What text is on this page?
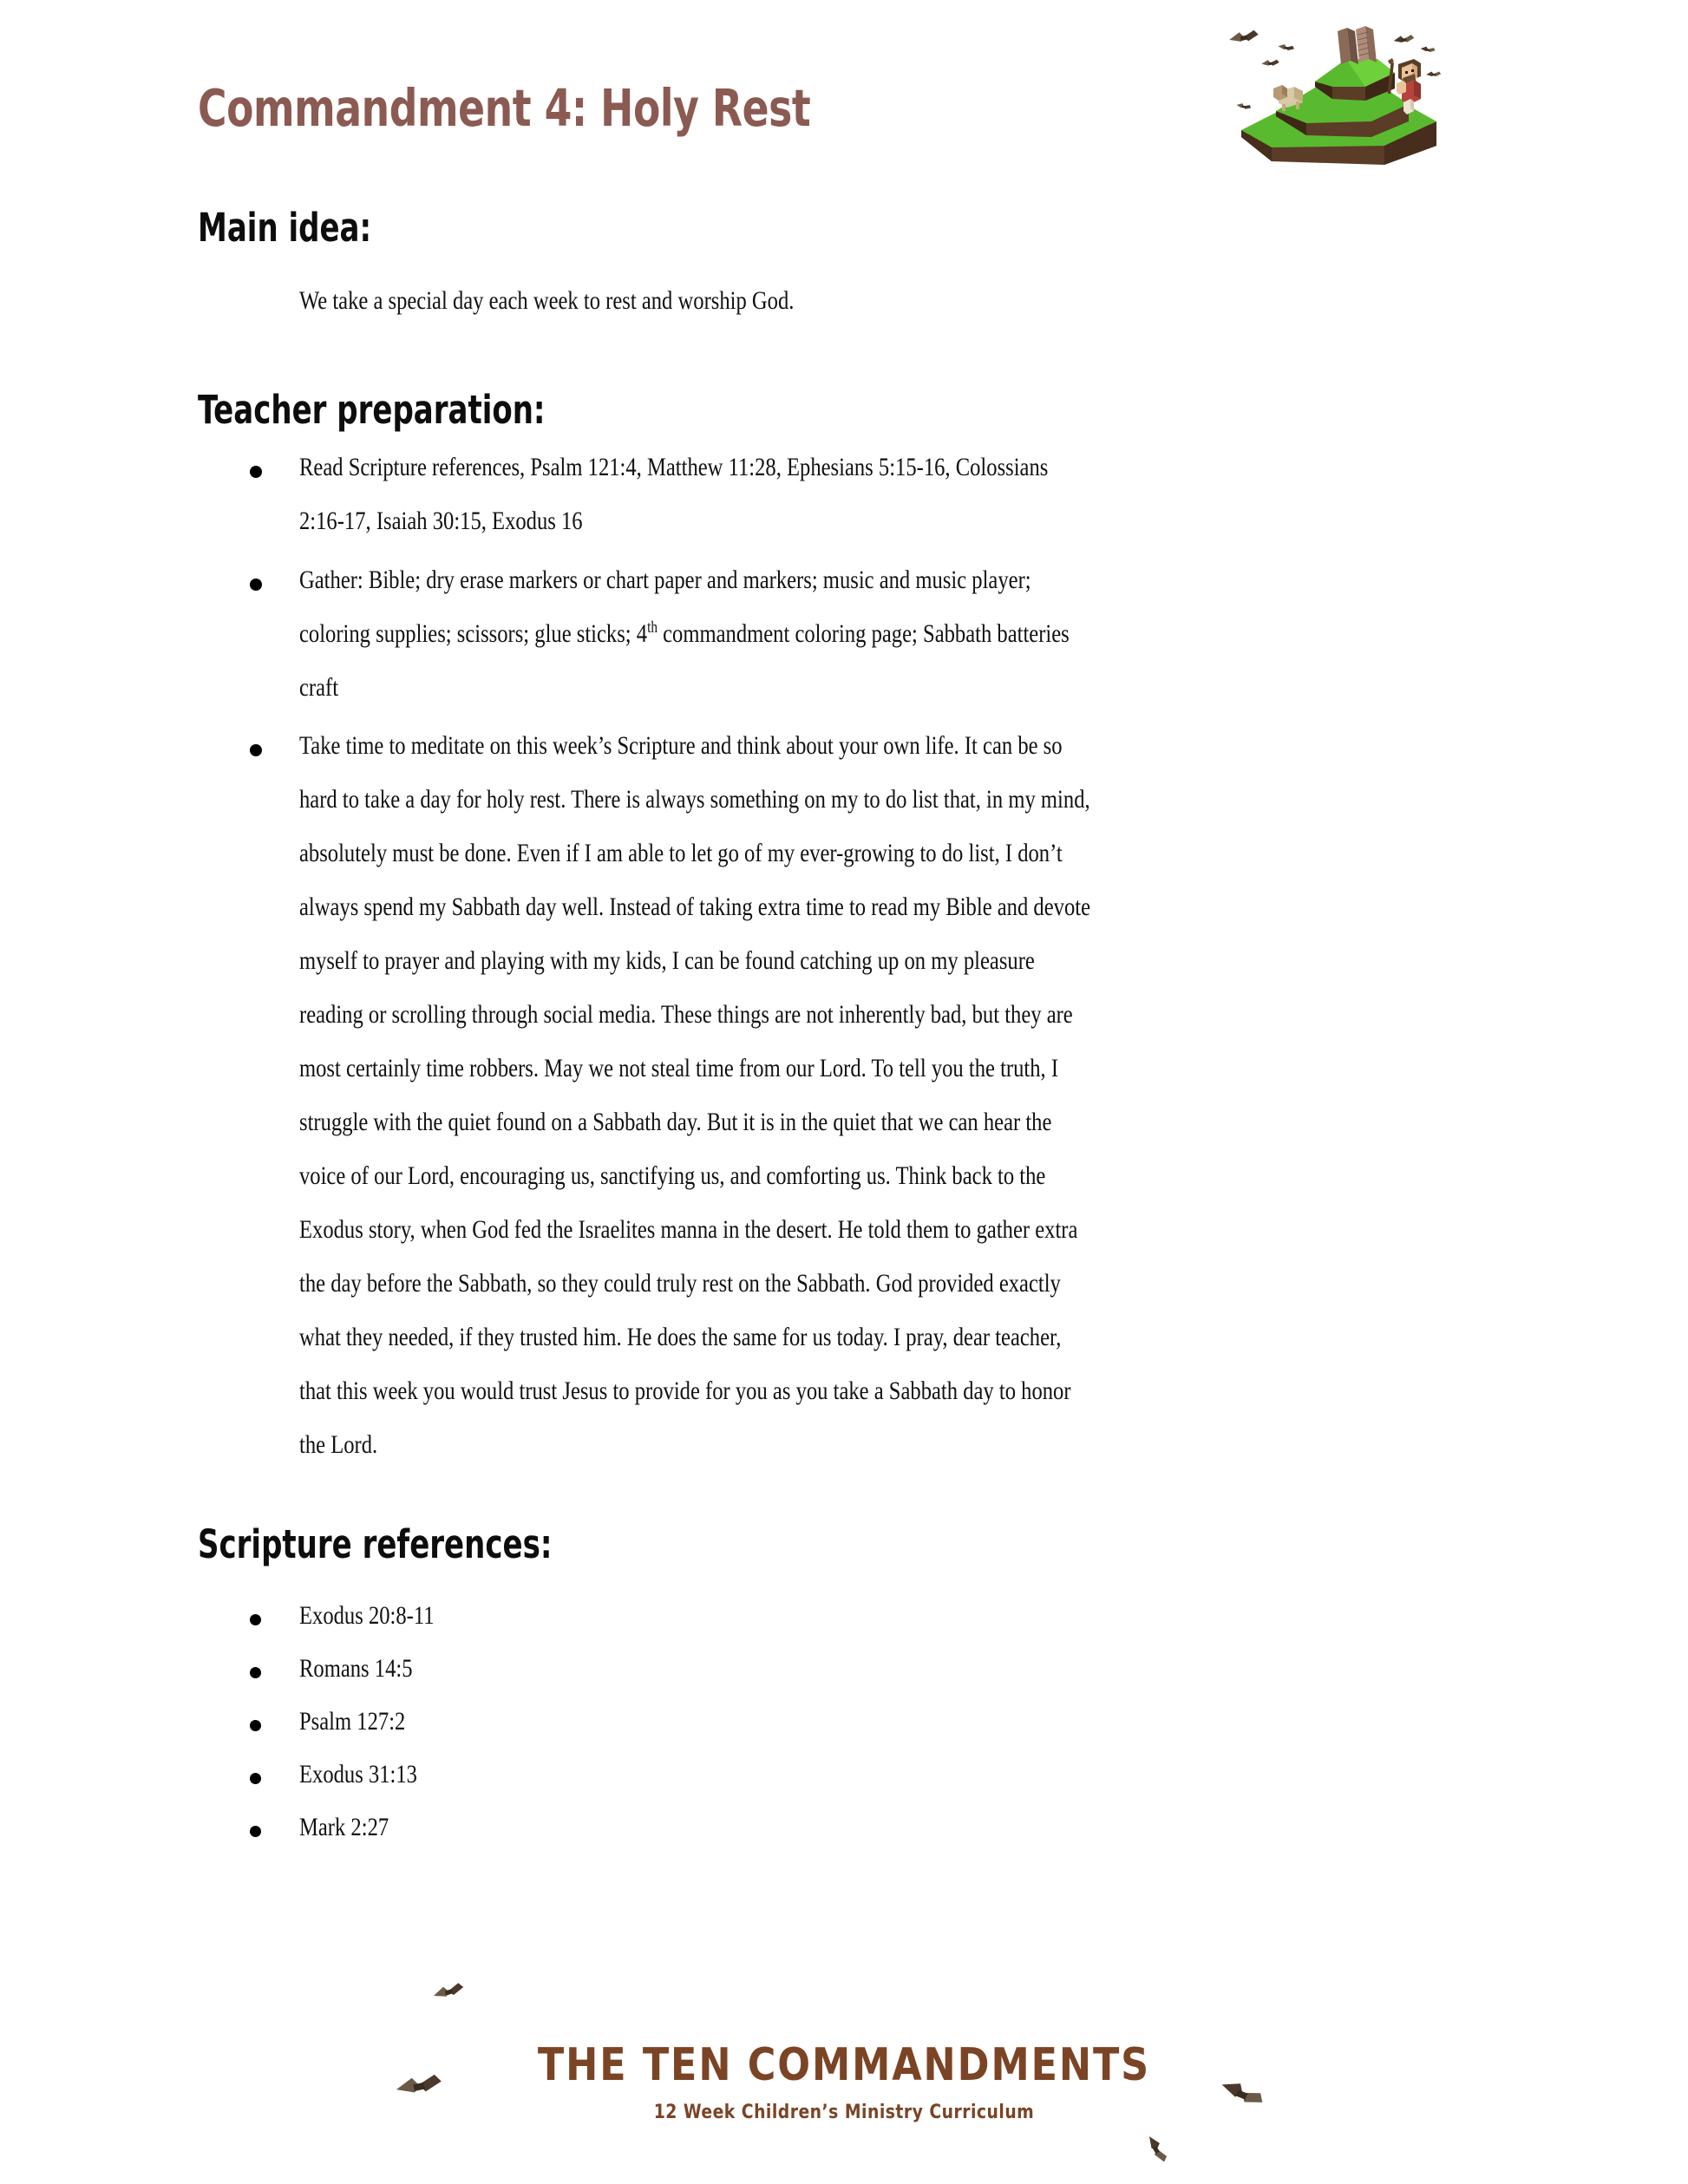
Commandment 4: Holy Rest
Main idea:
We take a special day each week to rest and worship God.
Teacher preparation:
Read Scripture references, Psalm 121:4, Matthew 11:28, Ephesians 5:15-16, Colossians
2:16-17, Isaiah 30:15, Exodus 16
Gather: Bible; dry erase markers or chart paper and markers; music and music player;
coloring supplies; scissors; glue sticks; 4th commandment coloring page; Sabbath batteries
craft
Take time to meditate on this week’s Scripture and think about your own life. It can be so
hard to take a day for holy rest. There is always something on my to do list that, in my mind,
absolutely must be done. Even if I am able to let go of my ever-growing to do list, I don’t
always spend my Sabbath day well. Instead of taking extra time to read my Bible and devote
myself to prayer and playing with my kids, I can be found catching up on my pleasure
reading or scrolling through social media. These things are not inherently bad, but they are
most certainly time robbers. May we not steal time from our Lord. To tell you the truth, I
struggle with the quiet found on a Sabbath day. But it is in the quiet that we can hear the
voice of our Lord, encouraging us, sanctifying us, and comforting us. Think back to the
Exodus story, when God fed the Israelites manna in the desert. He told them to gather extra
the day before the Sabbath, so they could truly rest on the Sabbath. God provided exactly
what they needed, if they trusted him. He does the same for us today. I pray, dear teacher,
that this week you would trust Jesus to provide for you as you take a Sabbath day to honor
the Lord.
Scripture references:
Exodus 20:8-11
Romans 14:5
Psalm 127:2
Exodus 31:13
Mark 2:27
THE TEN COMMANDMENTS
12 Week Children’s Ministry Curriculum
